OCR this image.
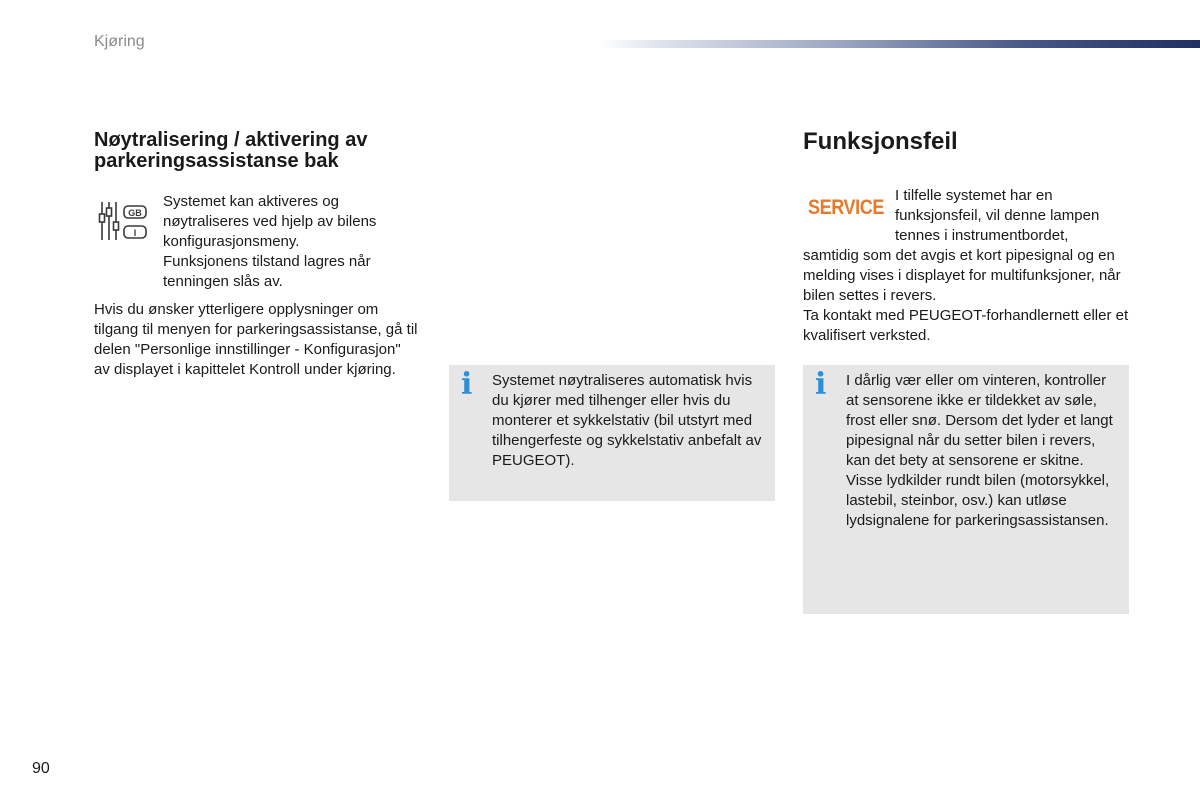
Kjøring
Nøytralisering / aktivering av parkeringsassistanse bak
GB
I

Systemet kan aktiveres og nøytraliseres ved hjelp av bilens konfigurasjonsmeny.

Funksjonens tilstand lagres når tenningen slås av.

Hvis du ønsker ytterligere opplysninger om tilgang til menyen for parkeringsassistanse, gå til delen "Personlige innstillinger - Konfigurasjon" av displayet i kapittelet Kontroll under kjøring.	i Systemet nøytraliseres automatisk hvis du kjører med tilhenger eller hvis du monterer et sykkelstativ (bil utstyrt med tilhengerfeste og sykkelstativ anbefalt av PEUGEOT).
Funksjonsfeil
SERVICE

I tilfelle systemet har en funksjonsfeil, vil denne lampen tennes i instrumentbordet,

samtidig som det avgis et kort pipesignal og en melding vises i displayet for multifunksjoner, når bilen settes i revers.

Ta kontakt med PEUGEOT-forhandlernett eller et kvalifisert verksted.

i I dårlig vær eller om vinteren, kontroller at sensorene ikke er tildekket av søle, frost eller snø. Dersom det lyder et langt pipesignal når du setter bilen i revers, kan det bety at sensorene er skitne. Visse lydkilder rundt bilen (motorsykkel, lastebil, steinbor, osv.) kan utløse lydsignalene for parkeringsassistansen.
90
